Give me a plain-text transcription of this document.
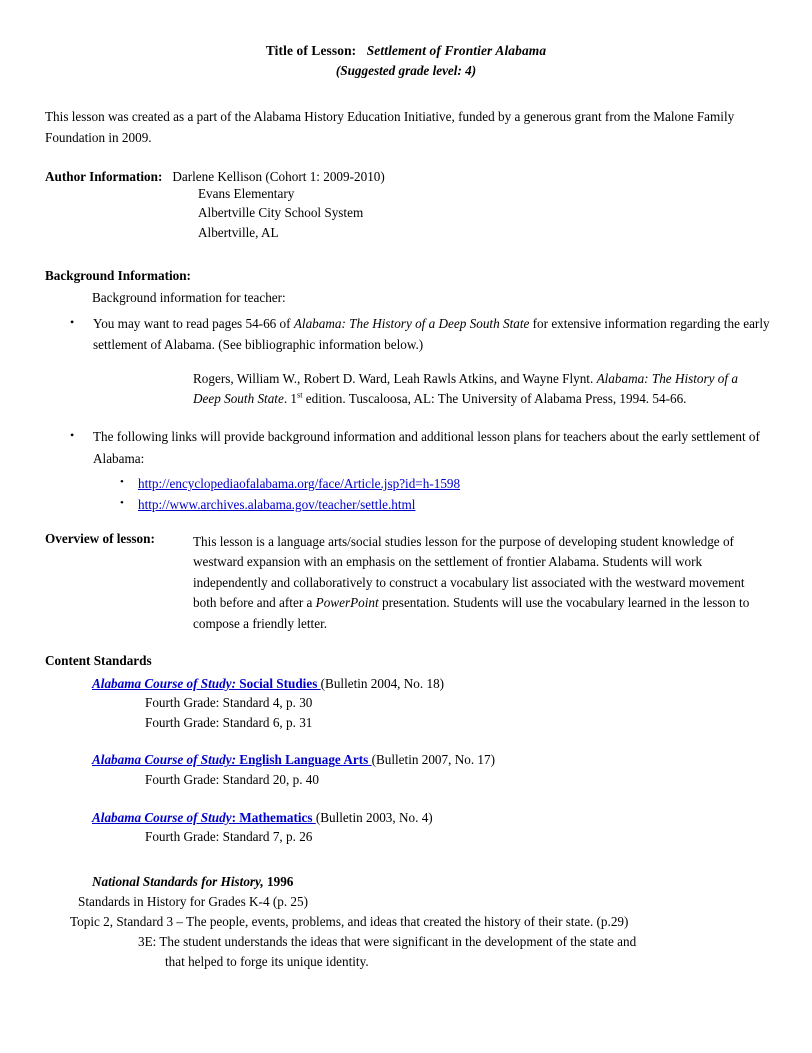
Title of Lesson: Settlement of Frontier Alabama
(Suggested grade level: 4)
This lesson was created as a part of the Alabama History Education Initiative, funded by a generous grant from the Malone Family Foundation in 2009.
Author Information: Darlene Kellison (Cohort 1: 2009-2010)
Evans Elementary
Albertville City School System
Albertville, AL
Background Information:
Background information for teacher:
• You may want to read pages 54-66 of Alabama: The History of a Deep South State for extensive information regarding the early settlement of Alabama. (See bibliographic information below.)
Rogers, William W., Robert D. Ward, Leah Rawls Atkins, and Wayne Flynt. Alabama: The History of a Deep South State. 1st edition. Tuscaloosa, AL: The University of Alabama Press, 1994. 54-66.
• The following links will provide background information and additional lesson plans for teachers about the early settlement of Alabama:
• http://encyclopediaofalabama.org/face/Article.jsp?id=h-1598
• http://www.archives.alabama.gov/teacher/settle.html
Overview of lesson:	This lesson is a language arts/social studies lesson for the purpose of developing student knowledge of westward expansion with an emphasis on the settlement of frontier Alabama. Students will work independently and collaboratively to construct a vocabulary list associated with the westward movement both before and after a PowerPoint presentation. Students will use the vocabulary learned in the lesson to compose a friendly letter.
Content Standards
Alabama Course of Study: Social Studies (Bulletin 2004, No. 18)
Fourth Grade: Standard 4, p. 30
Fourth Grade: Standard 6, p. 31
Alabama Course of Study: English Language Arts (Bulletin 2007, No. 17)
Fourth Grade: Standard 20, p. 40
Alabama Course of Study: Mathematics (Bulletin 2003, No. 4)
Fourth Grade: Standard 7, p. 26
National Standards for History, 1996
Standards in History for Grades K-4 (p. 25)
Topic 2, Standard 3 – The people, events, problems, and ideas that created the history of their state. (p.29)
3E: The student understands the ideas that were significant in the development of the state and
that helped to forge its unique identity.
